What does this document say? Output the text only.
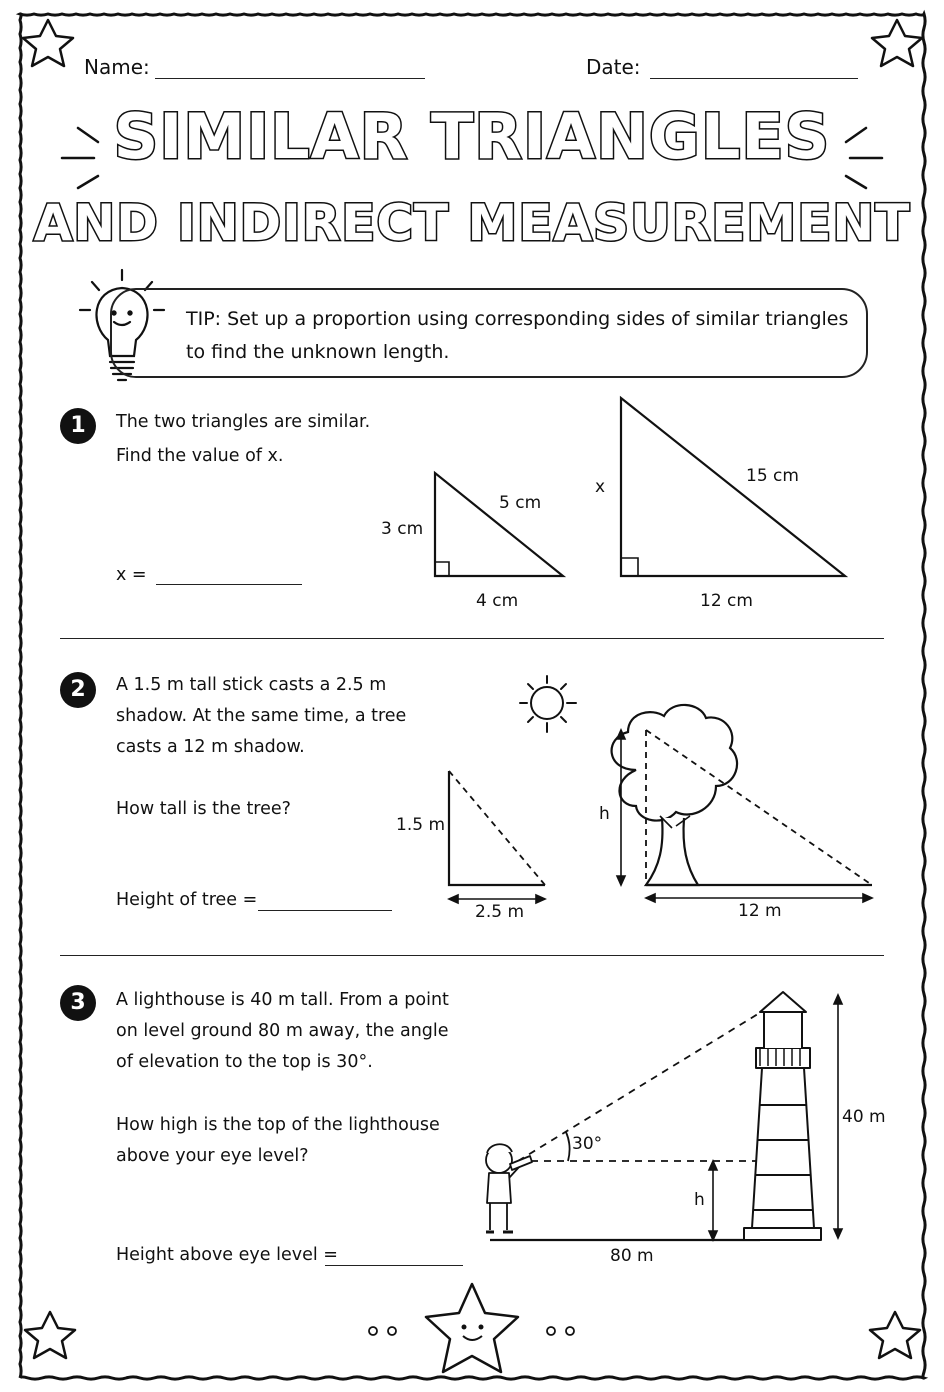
Name:	Date:
SIMILAR TRIANGLES
AND INDIRECT MEASUREMENT
TIP: Set up a proportion using corresponding sides of similar triangles to find the unknown length.
1	The two triangles are similar.
Find the value of x.
x =
3 cm
5 cm
4 cm
x
15 cm
12 cm
2	A 1.5 m tall stick casts a 2.5 m
shadow. At the same time, a tree
casts a 12 m shadow.
How tall is the tree?
Height of tree =
1.5 m
2.5 m
h
12 m
3	A lighthouse is 40 m tall. From a point
on level ground 80 m away, the angle
of elevation to the top is 30°.
How high is the top of the lighthouse
above your eye level?
Height above eye level =
30°
h
40 m
80 m
